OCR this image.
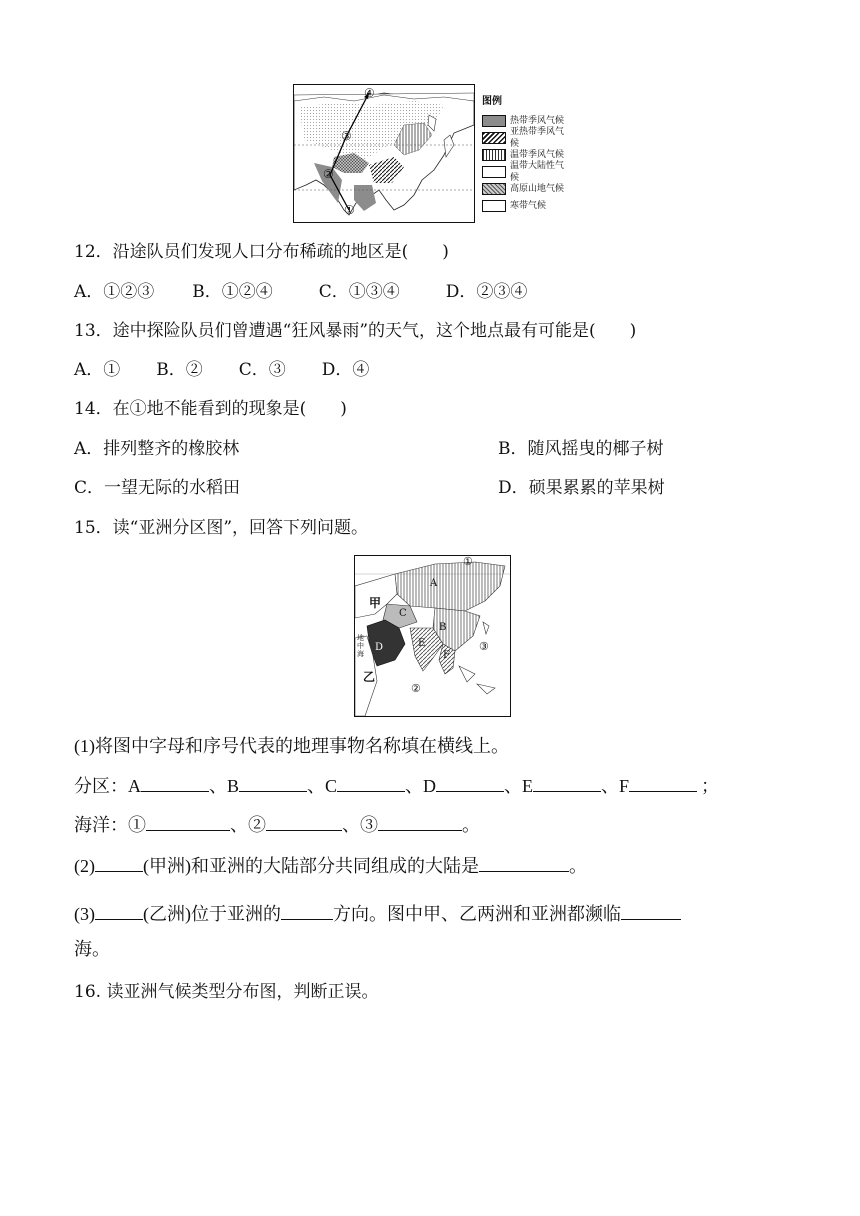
④
③
②
①
图例
热带季风气候
亚热带季风气候
温带季风气候
温带大陆性气候
高原山地气候
寒带气候
12．沿途队员们发现人口分布稀疏的地区是(　　)
A．①②③ B．①②④	C．①③④	D．②③④
13．途中探险队员们曾遭遇“狂风暴雨”的天气，这个地点最有可能是(　　)
A．① B．② C．③ D．④
14．在①地不能看到的现象是(　　)
A．排列整齐的橡胶林	B．随风摇曳的椰子树
C．一望无际的水稻田	D．硕果累累的苹果树
15．读“亚洲分区图”，回答下列问题。
①
A
甲
C
B
E
F
D
地中海
③
乙
②
(1)将图中字母和序号代表的地理事物名称填在横线上。
分区：A	、B	、C	、D	、E	、F	；
海洋：①	、②	、③	。
(2)	(甲洲)和亚洲的大陆部分共同组成的大陆是	。
(3)	(乙洲)位于亚洲的	方向。图中甲、乙两洲和亚洲都濒临
海。
16. 读亚洲气候类型分布图，判断正误。
